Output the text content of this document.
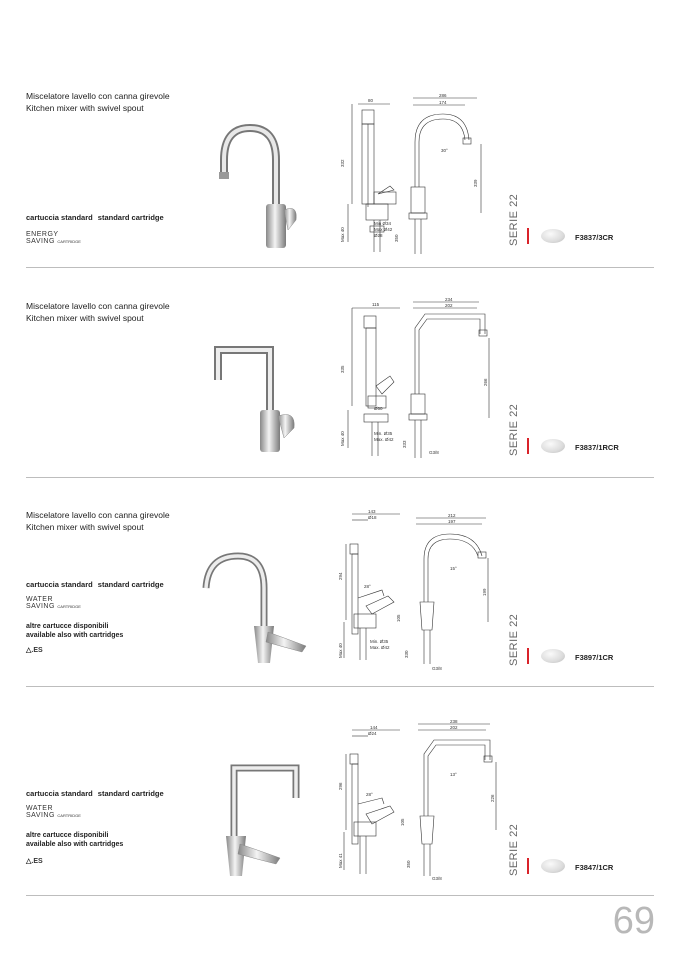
Miscelatore lavello con canna girevole
Kitchen mixer with swivel spout
cartuccia standard standard cartridge
ENERGY
SAVING CARTRIDGE
80
332
Max 40
Min Ø34
Max Ø42
Ø28	350
286
174
30°
339
SERIE 22	F3837/3CR
Miscelatore lavello con canna girevole
Kitchen mixer with swivel spout
115
335
Max 40
Ø50
Min. Ø35
Max. Ø42
333
234
202
266
G3/8	SERIE 22	F3837/1RCR
Miscelatore lavello con canna girevole
Kitchen mixer with swivel spout
cartuccia standard standard cartridge
WATER
SAVING CARTRIDGE
altre cartucce disponibili
available also with cartridges
△.ES
143
Ø18
294
Max 40
28°
105
Min. Ø35
Max. Ø42
330
212
197
15°
199
G3/8
SERIE 22	F3897/1CR
cartuccia standard standard cartridge
WATER
SAVING CARTRIDGE
altre cartucce disponibili
available also with cartridges
△.ES
144
Ø24
296
Max 41
28°
105
350
238
202
13°
226
G3/8
SERIE 22	F3847/1CR
69
